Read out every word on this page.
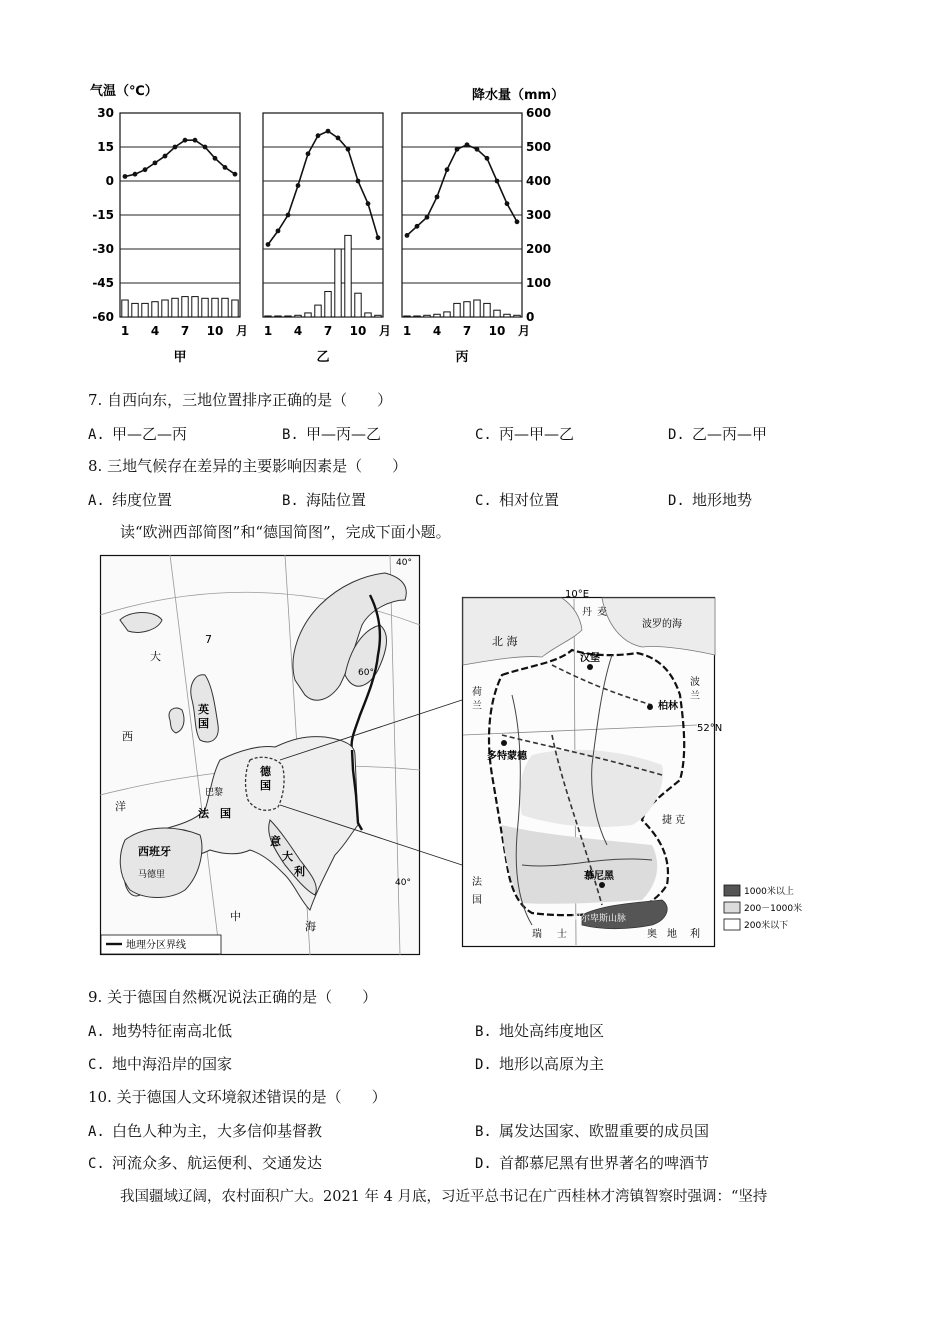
气温（℃）	降水量（mm）
30
15
0
-15
-30
-45
-60
600
500
400
300
200
100
0
1 4 7 10 月
甲
1 4 7 10 月
乙
1 4 7 10 月
丙
7. 自西向东，三地位置排序正确的是（　　）
A. 甲—乙—丙	B. 甲—丙—乙	C. 丙—甲—乙	D. 乙—丙—甲
8. 三地气候存在差异的主要影响因素是（　　）
A. 纬度位置	B. 海陆位置	C. 相对位置	D. 地形地势
读“欧洲西部简图”和“德国简图”，完成下面小题。
地理分区界线
英
国
德
国
法 国
意
大
利
西班牙
马德里
巴黎
7
60°
40°
40°
大
西
洋
中
海
10°E
52°N
北 海
波罗的海
汉堡
柏林
多特蒙德
慕尼黑
阿尔卑斯山脉
丹 麦
波
兰
荷
兰
法
国
捷 克
瑞 士	奥 地 利
1000米以上
200－1000米
200米以下
9. 关于德国自然概况说法正确的是（　　）
A. 地势特征南高北低	B. 地处高纬度地区
C. 地中海沿岸的国家	D. 地形以高原为主
10. 关于德国人文环境叙述错误的是（　　）
A. 白色人种为主，大多信仰基督教	B. 属发达国家、欧盟重要的成员国
C. 河流众多、航运便利、交通发达	D. 首都慕尼黑有世界著名的啤酒节
我国疆域辽阔，农村面积广大。2021 年 4 月底，习近平总书记在广西桂林才湾镇智察时强调：“坚持
